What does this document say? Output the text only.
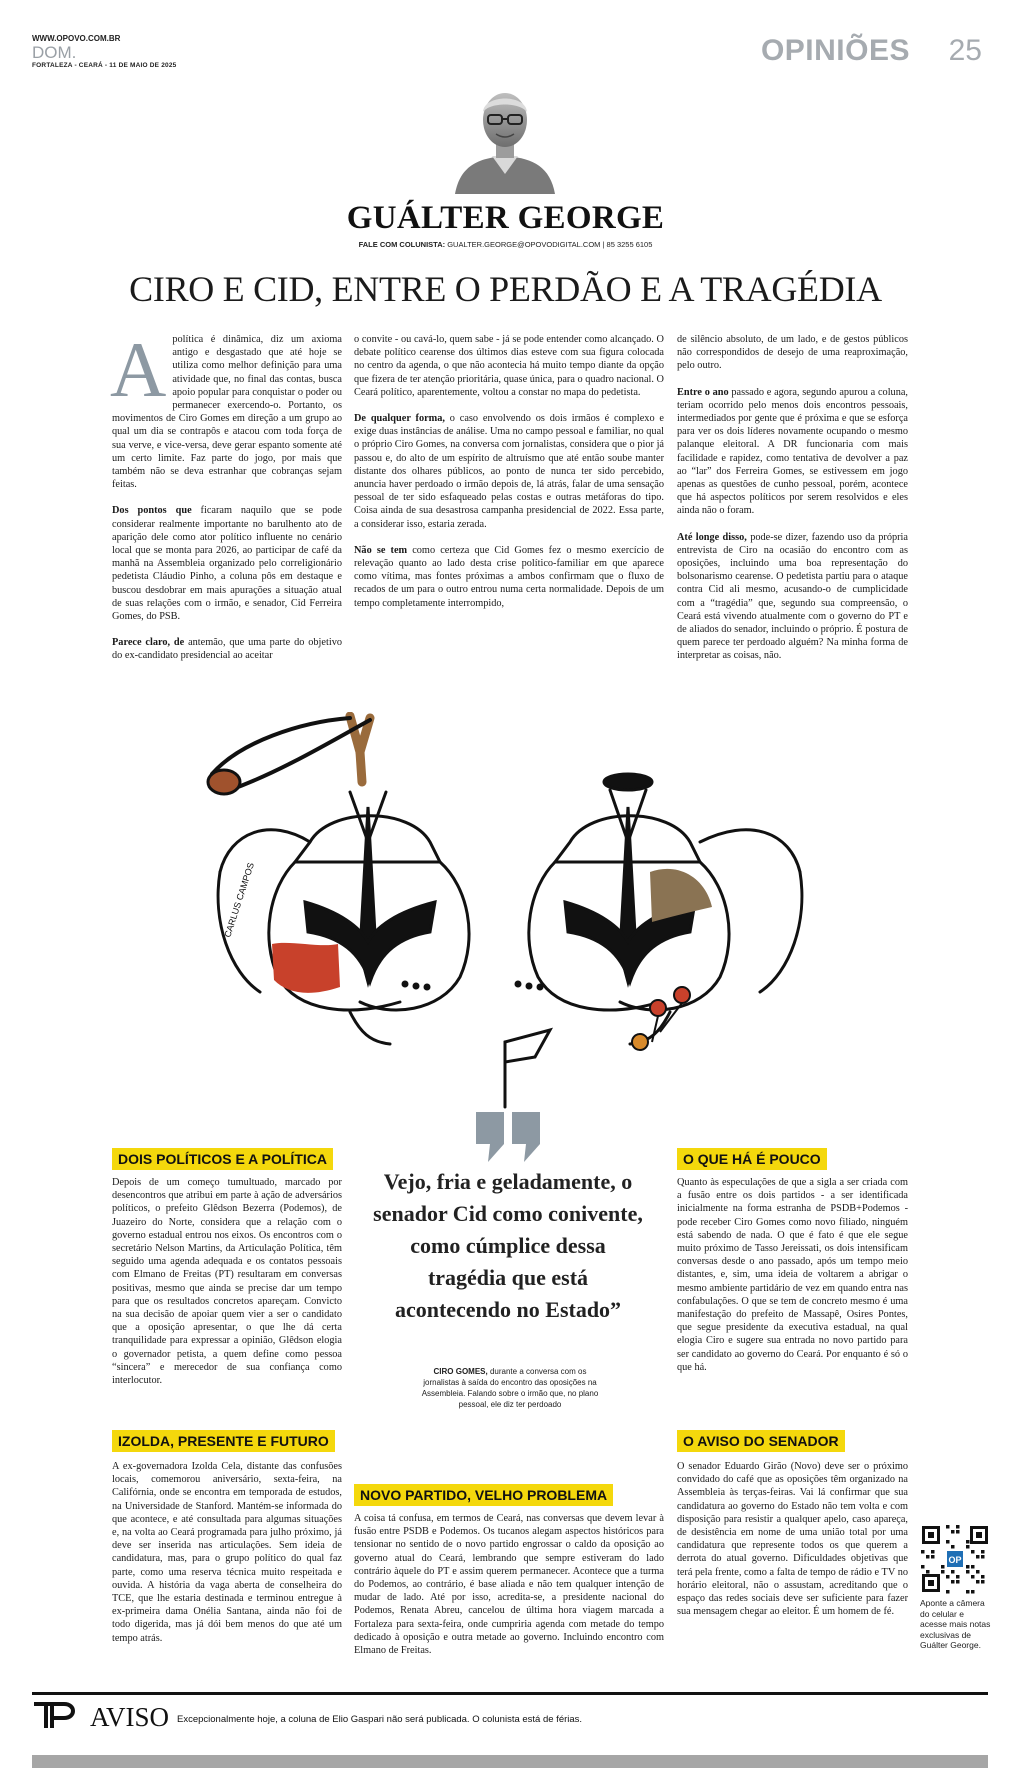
WWW.OPOVO.COM.BR
DOM.
FORTALEZA - CEARÁ - 11 DE MAIO DE 2025	OPINIÕES 25
GUÁLTER GEORGE
FALE COM COLUNISTA: GUALTER.GEORGE@OPOVODIGITAL.COM | 85 3255 6105
CIRO E CID, ENTRE O PERDÃO E A TRAGÉDIA

Apolítica é dinâmica, diz um axioma antigo e desgastado que até hoje se utiliza como melhor definição para uma atividade que, no final das contas, busca apoio popular para conquistar o poder ou permanecer exercendo-o. Portanto, os movimentos de Ciro Gomes em direção a um grupo ao qual um dia se contrapôs e atacou com toda força de sua verve, e vice-versa, deve gerar espanto somente até um certo limite. Faz parte do jogo, por mais que também não se deva estranhar que cobranças sejam feitas.

Dos pontos que ficaram naquilo que se pode considerar realmente importante no barulhento ato de aparição dele como ator político influente no cenário local que se monta para 2026, ao participar de café da manhã na Assembleia organizado pelo correligionário pedetista Cláudio Pinho, a coluna pôs em destaque e buscou desdobrar em mais apurações a situação atual de suas relações com o irmão, e senador, Cid Ferreira Gomes, do PSB.

Parece claro, de antemão, que uma parte do objetivo do ex-candidato presidencial ao aceitar

o convite - ou cavá-lo, quem sabe - já se pode entender como alcançado. O debate político cearense dos últimos dias esteve com sua figura colocada no centro da agenda, o que não acontecia há muito tempo diante da opção que fizera de ter atenção prioritária, quase única, para o quadro nacional. O Ceará político, aparentemente, voltou a constar no mapa do pedetista.

De qualquer forma, o caso envolvendo os dois irmãos é complexo e exige duas instâncias de análise. Uma no campo pessoal e familiar, no qual o próprio Ciro Gomes, na conversa com jornalistas, considera que o pior já passou e, do alto de um espírito de altruísmo que até então soube manter distante dos olhares públicos, ao ponto de nunca ter sido percebido, anuncia haver perdoado o irmão depois de, lá atrás, falar de uma sensação pessoal de ter sido esfaqueado pelas costas e outras metáforas do tipo. Coisa ainda de sua desastrosa campanha presidencial de 2022. Essa parte, a considerar isso, estaria zerada.

Não se tem como certeza que Cid Gomes fez o mesmo exercício de relevação quanto ao lado desta crise político-familiar em que aparece como vítima, mas fontes próximas a ambos confirmam que o fluxo de recados de um para o outro entrou numa certa normalidade. Depois de um tempo completamente interrompido,

de silêncio absoluto, de um lado, e de gestos públicos não correspondidos de desejo de uma reaproximação, pelo outro.

Entre o ano passado e agora, segundo apurou a coluna, teriam ocorrido pelo menos dois encontros pessoais, intermediados por gente que é próxima e que se esforça para ver os dois líderes novamente ocupando o mesmo palanque eleitoral. A DR funcionaria com mais facilidade e rapidez, como tentativa de devolver a paz ao “lar” dos Ferreira Gomes, se estivessem em jogo apenas as questões de cunho pessoal, porém, acontece que há aspectos políticos por serem resolvidos e eles ainda não o foram.

Até longe disso, pode-se dizer, fazendo uso da própria entrevista de Ciro na ocasião do encontro com as oposições, incluindo uma boa representação do bolsonarismo cearense. O pedetista partiu para o ataque contra Cid ali mesmo, acusando-o de cumplicidade com a “tragédia” que, segundo sua compreensão, o Ceará está vivendo atualmente com o governo do PT e de aliados do senador, incluindo o próprio. É postura de quem parece ter perdoado alguém? Na minha forma de interpretar as coisas, não.

CARLUS CAMPOS
DOIS POLÍTICOS E A POLÍTICA
Depois de um começo tumultuado, marcado por desencontros que atribui em parte à ação de adversários políticos, o prefeito Glêdson Bezerra (Podemos), de Juazeiro do Norte, considera que a relação com o governo estadual entrou nos eixos. Os encontros com o secretário Nelson Martins, da Articulação Política, têm seguido uma agenda adequada e os contatos pessoais com Elmano de Freitas (PT) resultaram em conversas positivas, mesmo que ainda se precise dar um tempo para que os resultados concretos apareçam. Convicto na sua decisão de apoiar quem vier a ser o candidato que a oposição apresentar, o que lhe dá certa tranquilidade para expressar a opinião, Glêdson elogia o governador petista, a quem define como pessoa “sincera” e merecedor de sua confiança como interlocutor.
Vejo, fria e geladamente, o senador Cid como conivente, como cúmplice dessa tragédia que está acontecendo no Estado”
CIRO GOMES, durante a conversa com os jornalistas à saída do encontro das oposições na Assembleia. Falando sobre o irmão que, no plano pessoal, ele diz ter perdoado
O QUE HÁ É POUCO
Quanto às especulações de que a sigla a ser criada com a fusão entre os dois partidos - a ser identificada inicialmente na forma estranha de PSDB+Podemos - pode receber Ciro Gomes como novo filiado, ninguém está sabendo de nada. O que é fato é que ele segue muito próximo de Tasso Jereissati, os dois intensificam conversas desde o ano passado, após um tempo meio distantes, e, sim, uma ideia de voltarem a abrigar o mesmo ambiente partidário de vez em quando entra nas confabulações. O que se tem de concreto mesmo é uma manifestação do prefeito de Massapê, Osires Pontes, que segue presidente da executiva estadual, na qual elogia Ciro e sugere sua entrada no novo partido para ser candidato ao governo do Ceará. Por enquanto é só o que há.
IZOLDA, PRESENTE E FUTURO
A ex-governadora Izolda Cela, distante das confusões locais, comemorou aniversário, sexta-feira, na Califórnia, onde se encontra em temporada de estudos, na Universidade de Stanford. Mantém-se informada do que acontece, e até consultada para algumas situações e, na volta ao Ceará programada para julho próximo, já deve ser inserida nas articulações. Sem ideia de candidatura, mas, para o grupo político do qual faz parte, como uma reserva técnica muito respeitada e ouvida. A história da vaga aberta de conselheira do TCE, que lhe estaria destinada e terminou entregue à ex-primeira dama Onélia Santana, ainda não foi de todo digerida, mas já dói bem menos do que até um tempo atrás.
NOVO PARTIDO, VELHO PROBLEMA
A coisa tá confusa, em termos de Ceará, nas conversas que devem levar à fusão entre PSDB e Podemos. Os tucanos alegam aspectos históricos para tensionar no sentido de o novo partido engrossar o caldo da oposição ao governo atual do Ceará, lembrando que sempre estiveram do lado contrário àquele do PT e assim querem permanecer. Acontece que a turma do Podemos, ao contrário, é base aliada e não tem qualquer intenção de mudar de lado. Até por isso, acredita-se, a presidente nacional do Podemos, Renata Abreu, cancelou de última hora viagem marcada a Fortaleza para sexta-feira, onde cumpriria agenda com metade do tempo dedicado à oposição e outra metade ao governo. Incluindo encontro com Elmano de Freitas.
O AVISO DO SENADOR
O senador Eduardo Girão (Novo) deve ser o próximo convidado do café que as oposições têm organizado na Assembleia às terças-feiras. Vai lá confirmar que sua candidatura ao governo do Estado não tem volta e com disposição para resistir a qualquer apelo, caso apareça, de desistência em nome de uma união total por uma candidatura que represente todos os que querem a derrota do atual governo. Dificuldades objetivas que terá pela frente, como a falta de tempo de rádio e TV no horário eleitoral, não o assustam, acreditando que o espaço das redes sociais deve ser suficiente para fazer sua mensagem chegar ao eleitor. É um homem de fé.
OP
Aponte a câmera do celular e acesse mais notas exclusivas de Guálter George.
AVISO Excepcionalmente hoje, a coluna de Elio Gaspari não será publicada. O colunista está de férias.
